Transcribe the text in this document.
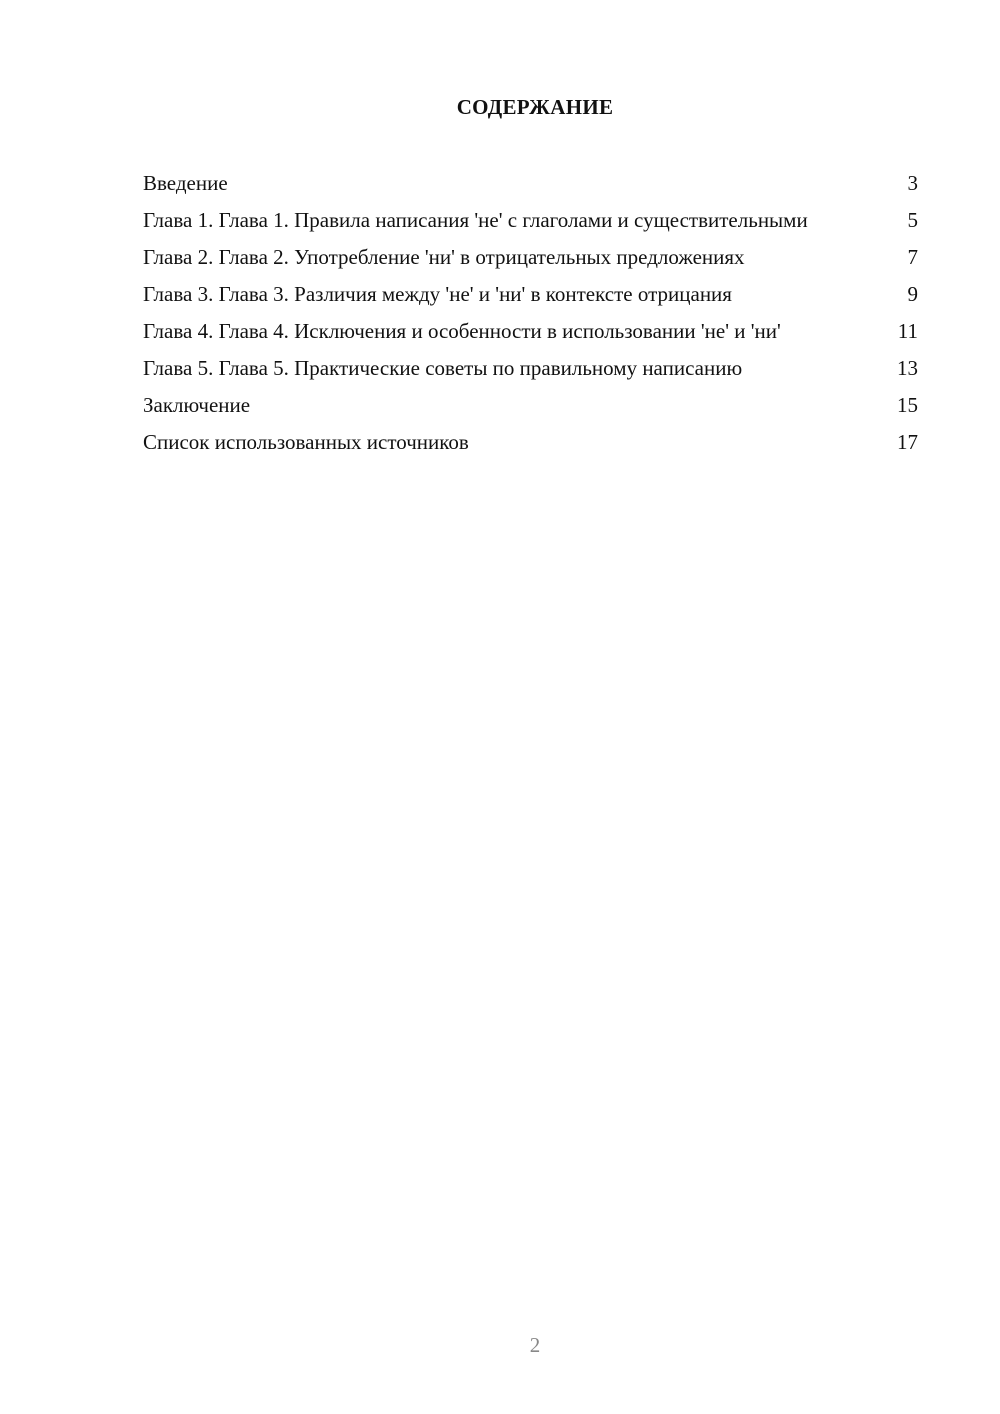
СОДЕРЖАНИЕ
Введение	3
Глава 1. Глава 1. Правила написания 'не' с глаголами и существительными	5
Глава 2. Глава 2. Употребление 'ни' в отрицательных предложениях	7
Глава 3. Глава 3. Различия между 'не' и 'ни' в контексте отрицания	9
Глава 4. Глава 4. Исключения и особенности в использовании 'не' и 'ни'	11
Глава 5. Глава 5. Практические советы по правильному написанию	13
Заключение	15
Список использованных источников	17
2
